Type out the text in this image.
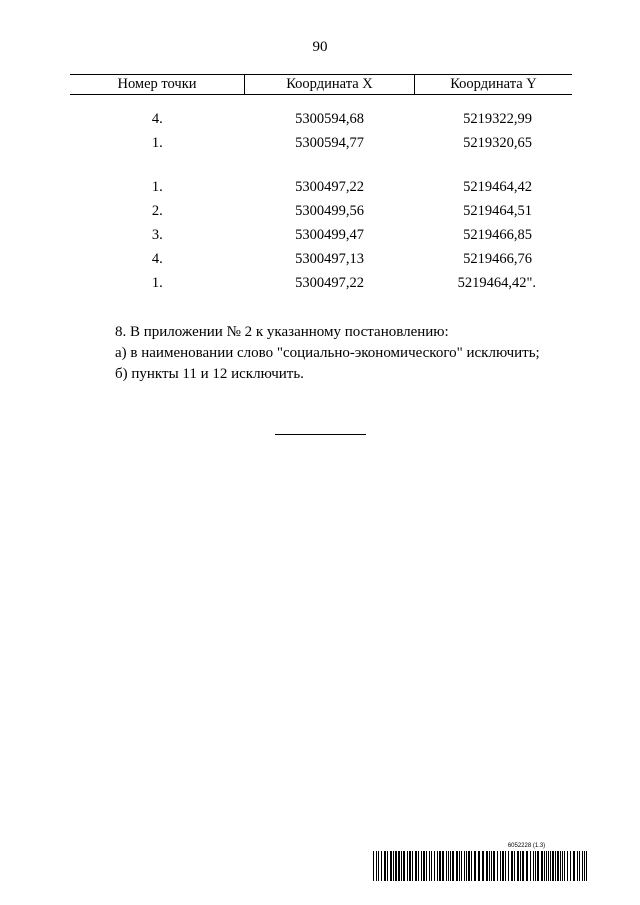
90
Номер точки	Координата X	Координата Y

4.	5300594,68	5219322,99
1.	5300594,77	5219320,65

1.	5300497,22	5219464,42
2.	5300499,56	5219464,51
3.	5300499,47	5219466,85
4.	5300497,13	5219466,76
1.	5300497,22	5219464,42".

8. В приложении № 2 к указанному постановлению:

а) в наименовании слово "социально-экономического" исключить;

б) пункты 11 и 12 исключить.

6052228 (1.3)
